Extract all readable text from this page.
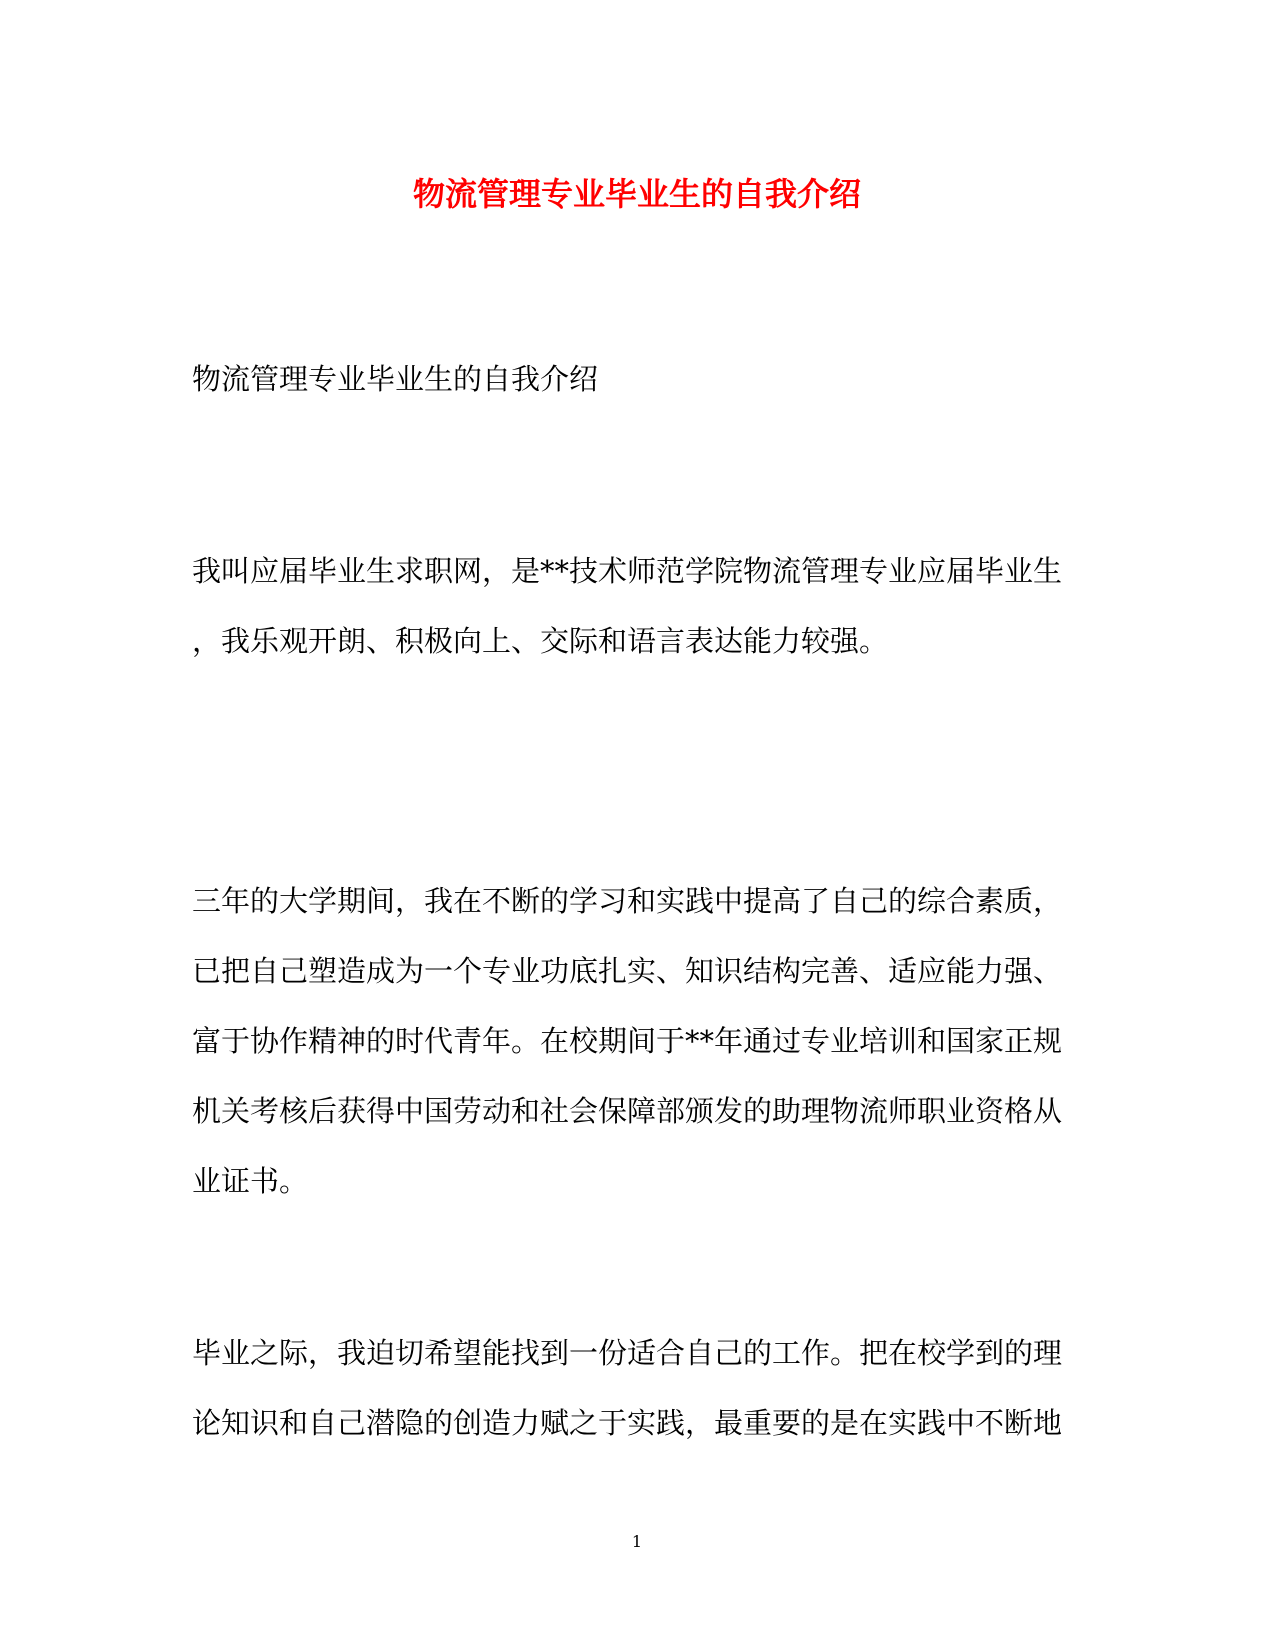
物流管理专业毕业生的自我介绍

物流管理专业毕业生的自我介绍

我叫应届毕业生求职网，是**技术师范学院物流管理专业应届毕业生
，我乐观开朗、积极向上、交际和语言表达能力较强。

三年的大学期间，我在不断的学习和实践中提高了自己的综合素质，
已把自己塑造成为一个专业功底扎实、知识结构完善、适应能力强、
富于协作精神的时代青年。在校期间于**年通过专业培训和国家正规
机关考核后获得中国劳动和社会保障部颁发的助理物流师职业资格从
业证书。

毕业之际，我迫切希望能找到一份适合自己的工作。把在校学到的理
论知识和自己潜隐的创造力赋之于实践，最重要的是在实践中不断地

1
